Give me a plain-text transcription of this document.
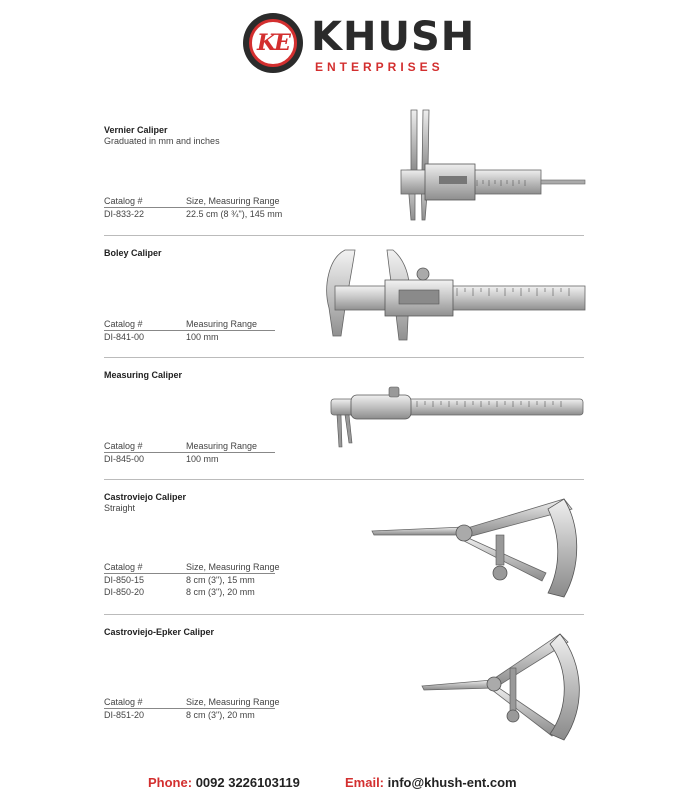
KE KHUSH
ENTERPRISES
Vernier Caliper
Graduated in mm and inches
Catalog #	Size, Measuring Range
DI-833-22	22.5 cm (8 ¾"), 145 mm
Boley Caliper
Catalog #	Measuring Range
DI-841-00	100 mm
Measuring Caliper
Catalog #	Measuring Range
DI-845-00	100 mm
Castroviejo Caliper
Straight
Catalog #	Size, Measuring Range
DI-850-15	8 cm (3"), 15 mm
DI-850-20	8 cm (3"), 20 mm
Castroviejo-Epker Caliper
Catalog #	Size, Measuring Range
DI-851-20	8 cm (3"), 20 mm
Phone: 0092 3226103119	Email: info@khush-ent.com
